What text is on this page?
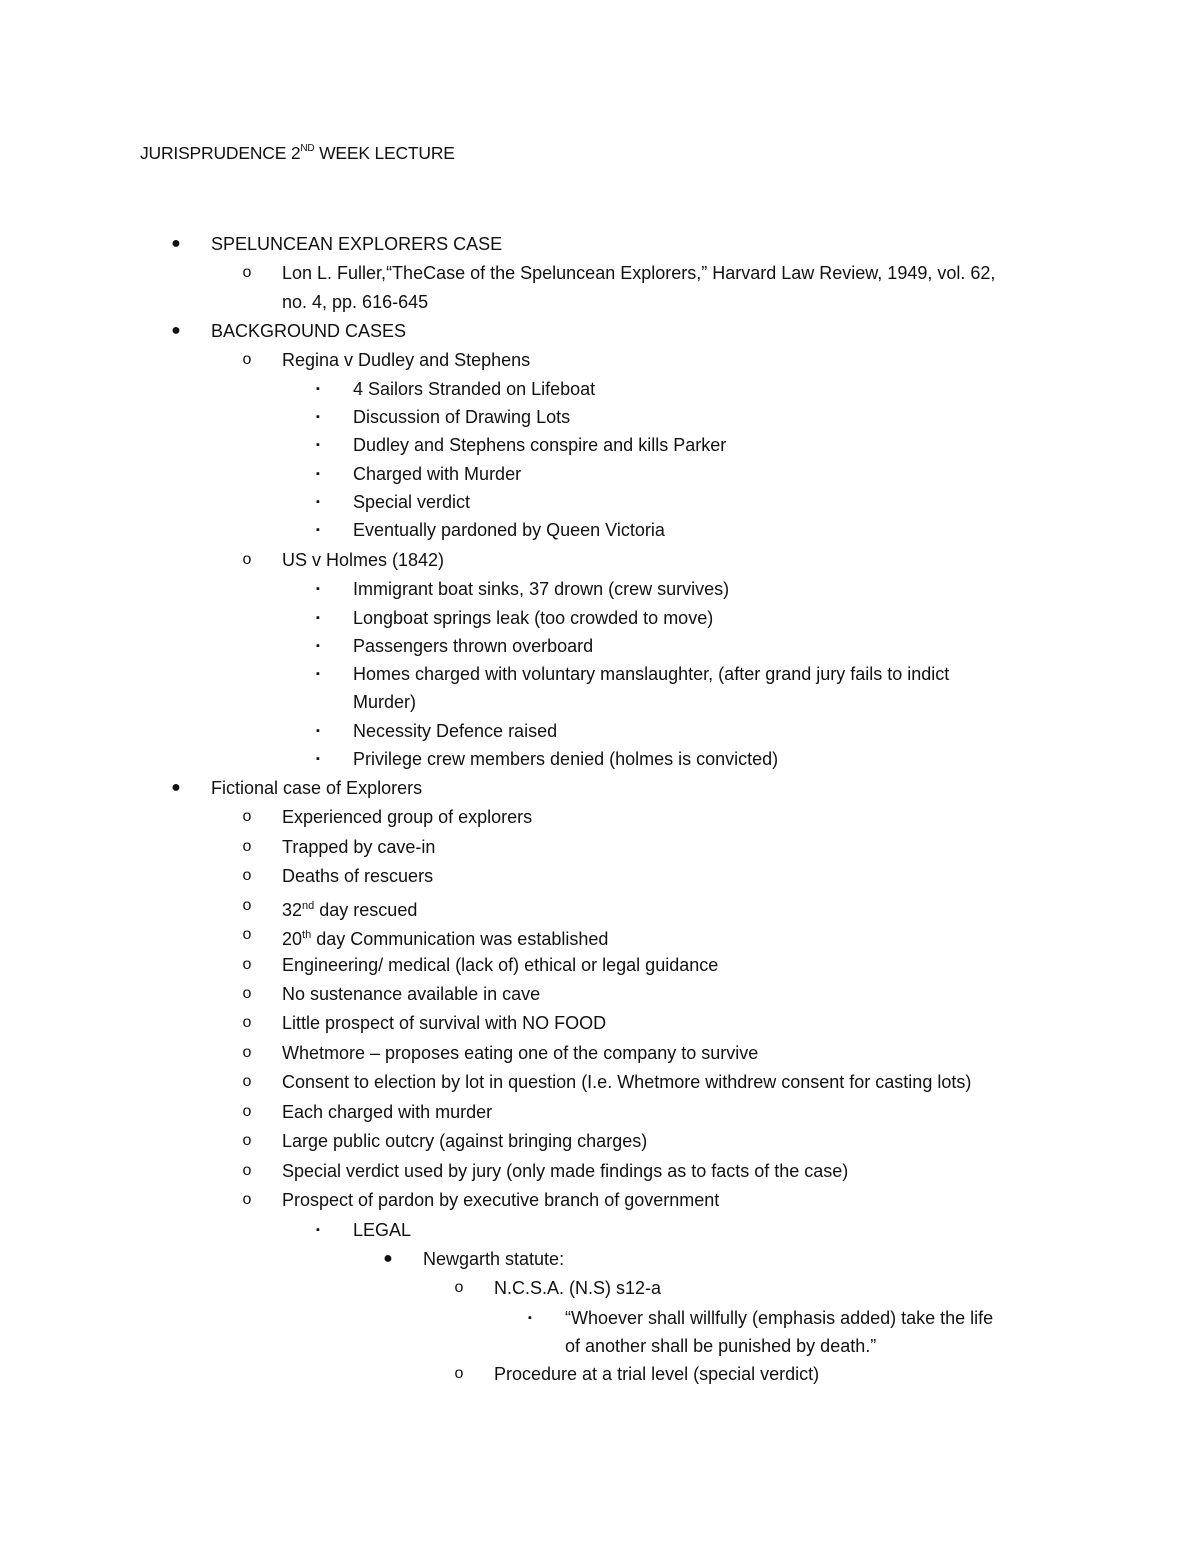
JURISPRUDENCE 2ND WEEK LECTURE
● SPELUNCEAN EXPLORERS CASE
o Lon L. Fuller,“TheCase of the Speluncean Explorers,” Harvard Law Review, 1949, vol. 62,
no. 4, pp. 616-645
● BACKGROUND CASES
o Regina v Dudley and Stephens
▪	4 Sailors Stranded on Lifeboat
▪	Discussion of Drawing Lots
▪	Dudley and Stephens conspire and kills Parker
▪	Charged with Murder
▪	Special verdict
▪	Eventually pardoned by Queen Victoria
o US v Holmes (1842)
▪	Immigrant boat sinks, 37 drown (crew survives)
▪	Longboat springs leak (too crowded to move)
▪	Passengers thrown overboard
▪	Homes charged with voluntary manslaughter, (after grand jury fails to indict
Murder)
▪	Necessity Defence raised
▪	Privilege crew members denied (holmes is convicted)
● Fictional case of Explorers
o Experienced group of explorers
o Trapped by cave-in
o Deaths of rescuers
o 32nd day rescued
o 20th day Communication was established
o Engineering/ medical (lack of) ethical or legal guidance
o No sustenance available in cave
o Little prospect of survival with NO FOOD
o Whetmore – proposes eating one of the company to survive
o Consent to election by lot in question (I.e. Whetmore withdrew consent for casting lots)
o Each charged with murder
o Large public outcry (against bringing charges)
o Special verdict used by jury (only made findings as to facts of the case)
o Prospect of pardon by executive branch of government
▪	LEGAL
● Newgarth statute:
o N.C.S.A. (N.S) s12-a
▪	“Whoever shall willfully (emphasis added) take the life
of another shall be punished by death.”
o Procedure at a trial level (special verdict)
